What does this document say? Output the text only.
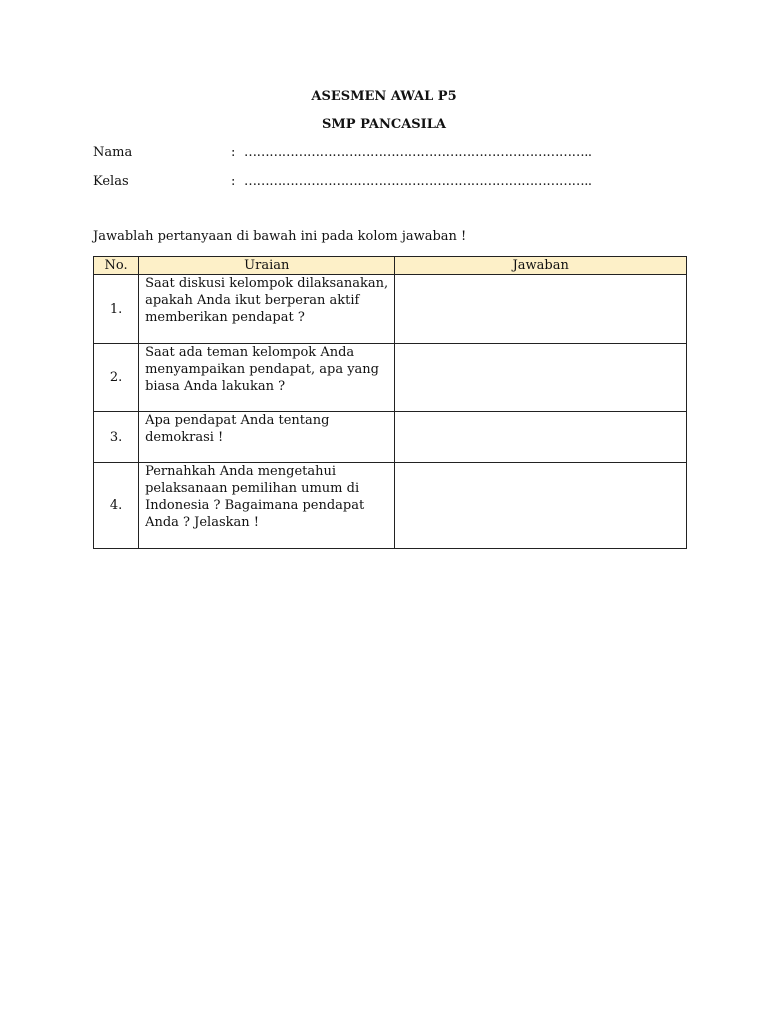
ASESMEN AWAL P5
SMP PANCASILA
Nama	: ………………………………………………………………………..
Kelas	: ………………………………………………………………………..
Jawablah pertanyaan di bawah ini pada kolom jawaban !
No.	Uraian	Jawaban
1.	Saat diskusi kelompok dilaksanakan, apakah Anda ikut berperan aktif memberikan pendapat ?	
2.	Saat ada teman kelompok Anda menyampaikan pendapat, apa yang biasa Anda lakukan ?	
3.	Apa pendapat Anda tentang demokrasi !	
4.	Pernahkah Anda mengetahui pelaksanaan pemilihan umum di Indonesia ? Bagaimana pendapat Anda ? Jelaskan !	
